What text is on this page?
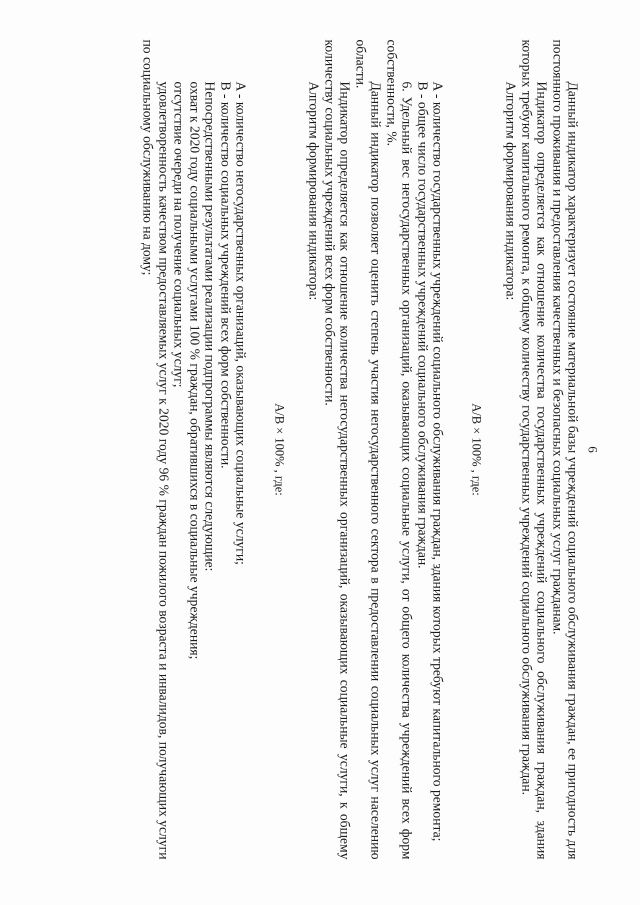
6

Данный индикатор характеризует состояние материальной базы учреждений социального обслуживания граждан, ее пригодность для постоянного проживания и предоставления качественных и безопасных социальных услуг гражданам.

Индикатор определяется как отношение количества государственных учреждений социального обслуживания граждан, здания которых требуют капитального ремонта, к общему количеству государственных учреждений социального обслуживания граждан.

Алгоритм формирования индикатора:

A/B × 100% , где:

A - количество государственных учреждений социального обслуживания граждан, здания которых требуют капитального ремонта;

B - общее число государственных учреждений социального обслуживания граждан.

6. Удельный вес негосударственных организаций, оказывающих социальные услуги, от общего количества учреждений всех форм собственности, %.

Данный индикатор позволяет оценить степень участия негосударственного сектора в предоставлении социальных услуг населению области.

Индикатор определяется как отношение количества негосударственных организаций, оказывающих социальные услуги, к общему количеству социальных учреждений всех форм собственности.

Алгоритм формирования индикатора:

A/B × 100% , где:

A - количество негосударственных организаций, оказывающих социальные услуги;

B - количество социальных учреждений всех форм собственности.

Непосредственными результатами реализации подпрограммы являются следующие:

охват к 2020 году социальными услугами 100 % граждан, обратившихся в социальные учреждения;

отсутствие очереди на получение социальных услуг;

удовлетворенность качеством предоставляемых услуг к 2020 году 96 % граждан пожилого возраста и инвалидов, получающих услуги по социальному обслуживанию на дому;
